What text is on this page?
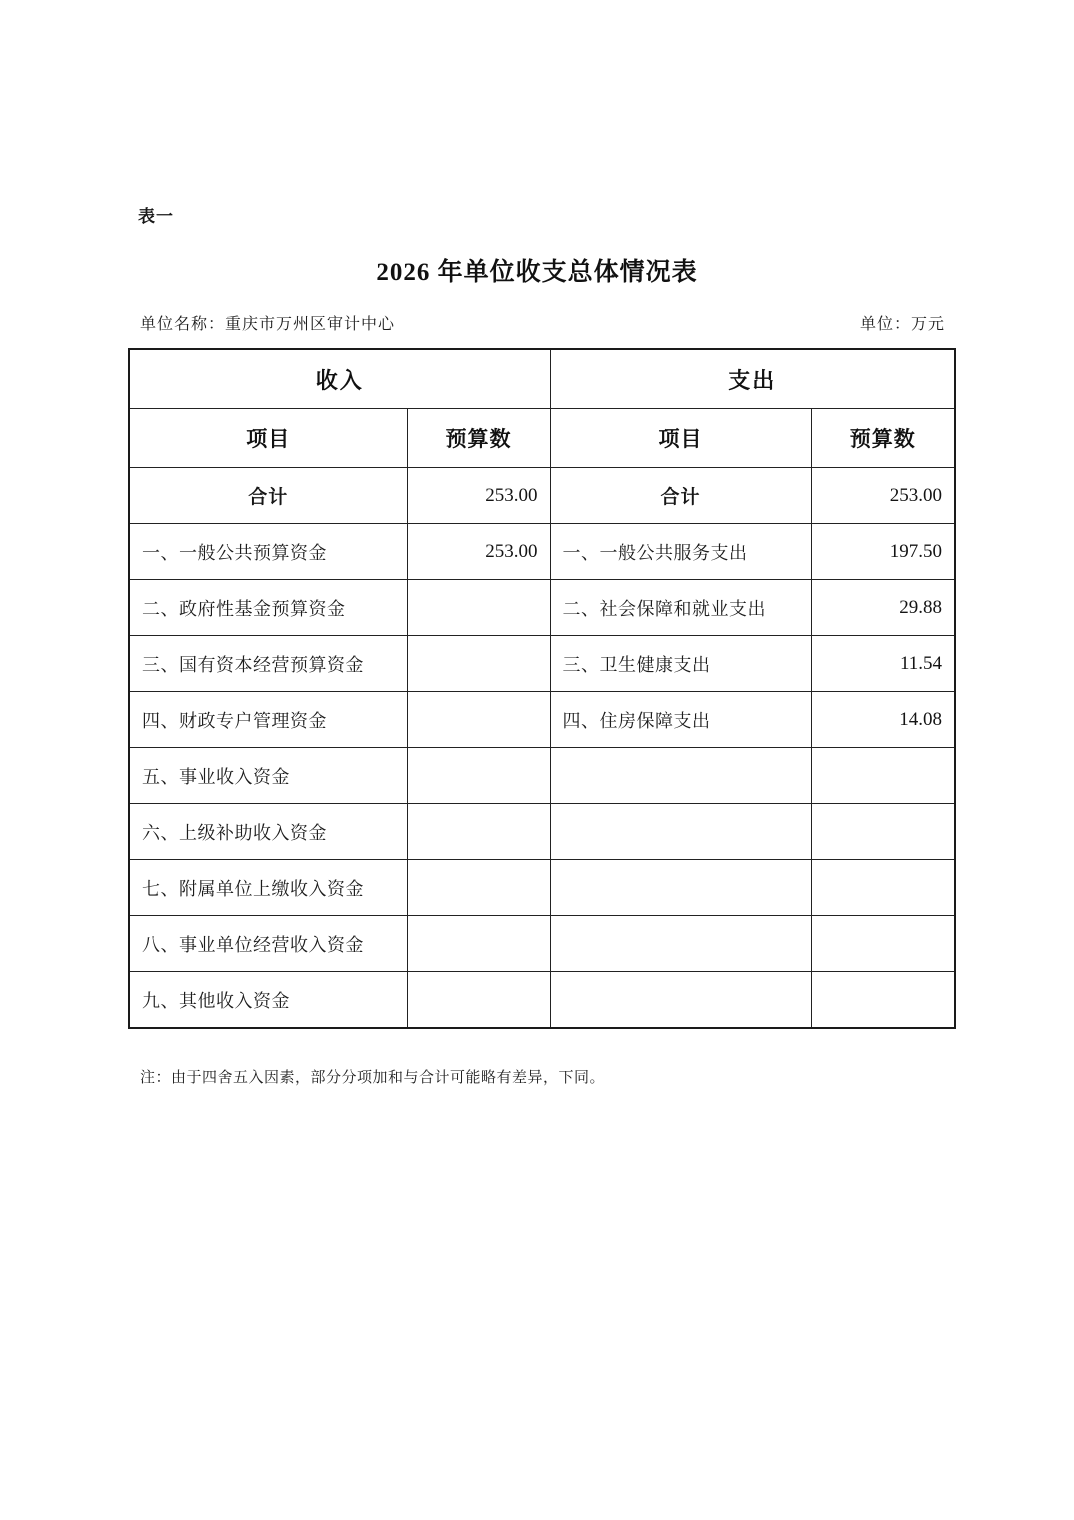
表一
2026 年单位收支总体情况表
单位名称：重庆市万州区审计中心	单位：万元
收入		支出	
项目	预算数	项目	预算数
合计	253.00	合计	253.00
一、一般公共预算资金	253.00	一、一般公共服务支出	197.50
二、政府性基金预算资金		二、社会保障和就业支出	29.88
三、国有资本经营预算资金		三、卫生健康支出	11.54
四、财政专户管理资金		四、住房保障支出	14.08
五、事业收入资金			
六、上级补助收入资金			
七、附属单位上缴收入资金			
八、事业单位经营收入资金			
九、其他收入资金			
注：由于四舍五入因素，部分分项加和与合计可能略有差异，下同。
